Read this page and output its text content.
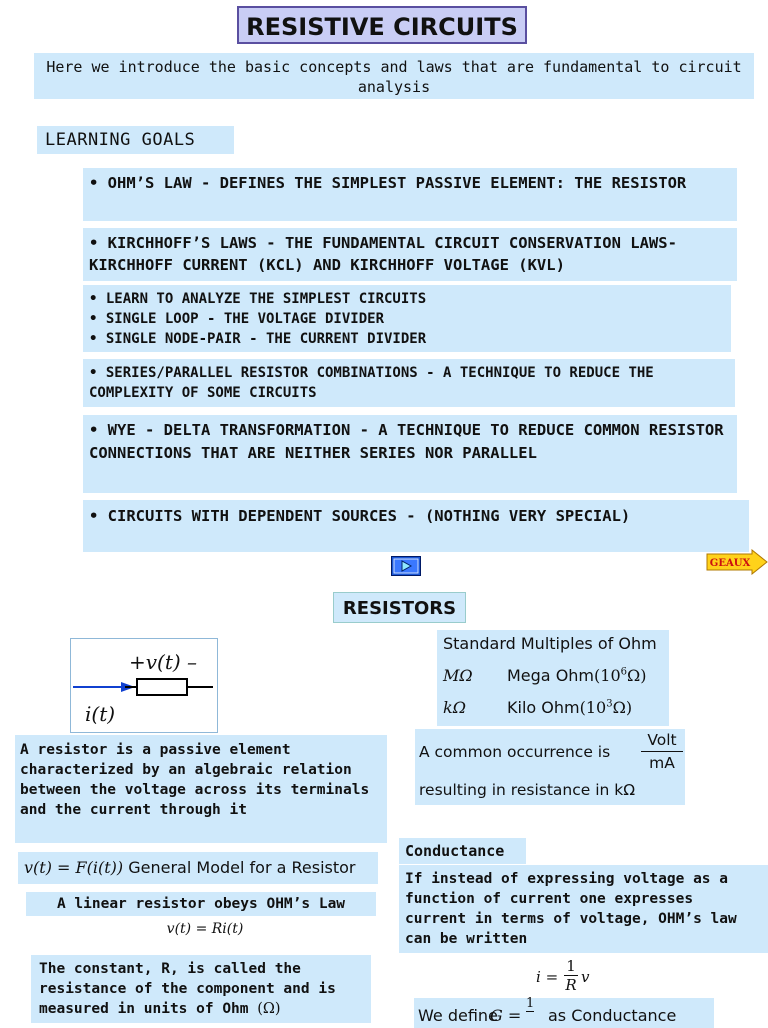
RESISTIVE CIRCUITS
Here we introduce the basic concepts and laws that are fundamental to circuit analysis
LEARNING GOALS
• OHM’S LAW - DEFINES THE SIMPLEST PASSIVE ELEMENT: THE RESISTOR
• KIRCHHOFF’S LAWS - THE FUNDAMENTAL CIRCUIT CONSERVATION LAWS- KIRCHHOFF CURRENT (KCL) AND KIRCHHOFF VOLTAGE (KVL)
• LEARN TO ANALYZE THE SIMPLEST CIRCUITS
• SINGLE LOOP - THE VOLTAGE DIVIDER
• SINGLE NODE-PAIR - THE CURRENT DIVIDER
• SERIES/PARALLEL RESISTOR COMBINATIONS - A TECHNIQUE TO REDUCE THE COMPLEXITY OF SOME CIRCUITS
• WYE - DELTA TRANSFORMATION - A TECHNIQUE TO REDUCE COMMON RESISTOR CONNECTIONS THAT ARE NEITHER SERIES NOR PARALLEL
• CIRCUITS WITH DEPENDENT SOURCES - (NOTHING VERY SPECIAL)
GEAUX
RESISTORS
+v(t) –
i(t)
A resistor is a passive element characterized by an algebraic relation between the voltage across its terminals and the current through it
v(t) = F(i(t)) General Model for a Resistor
A linear resistor obeys OHM’s Law
v(t) = Ri(t)
The constant, R, is called the resistance of the component and is measured in units of Ohm (Ω)
Standard Multiples of Ohm
MΩ Mega $Ohm(10^6\Omega)$
kΩ	Kilo $Ohm(10^3\Omega)$
A common occurrence is
Volt
mA
resulting in resistance in kΩ
Conductance
If instead of expressing voltage as a function of current one expresses current in terms of voltage, OHM’s law can be written
i =
1
R v
We define
G =
1
as Conductance
